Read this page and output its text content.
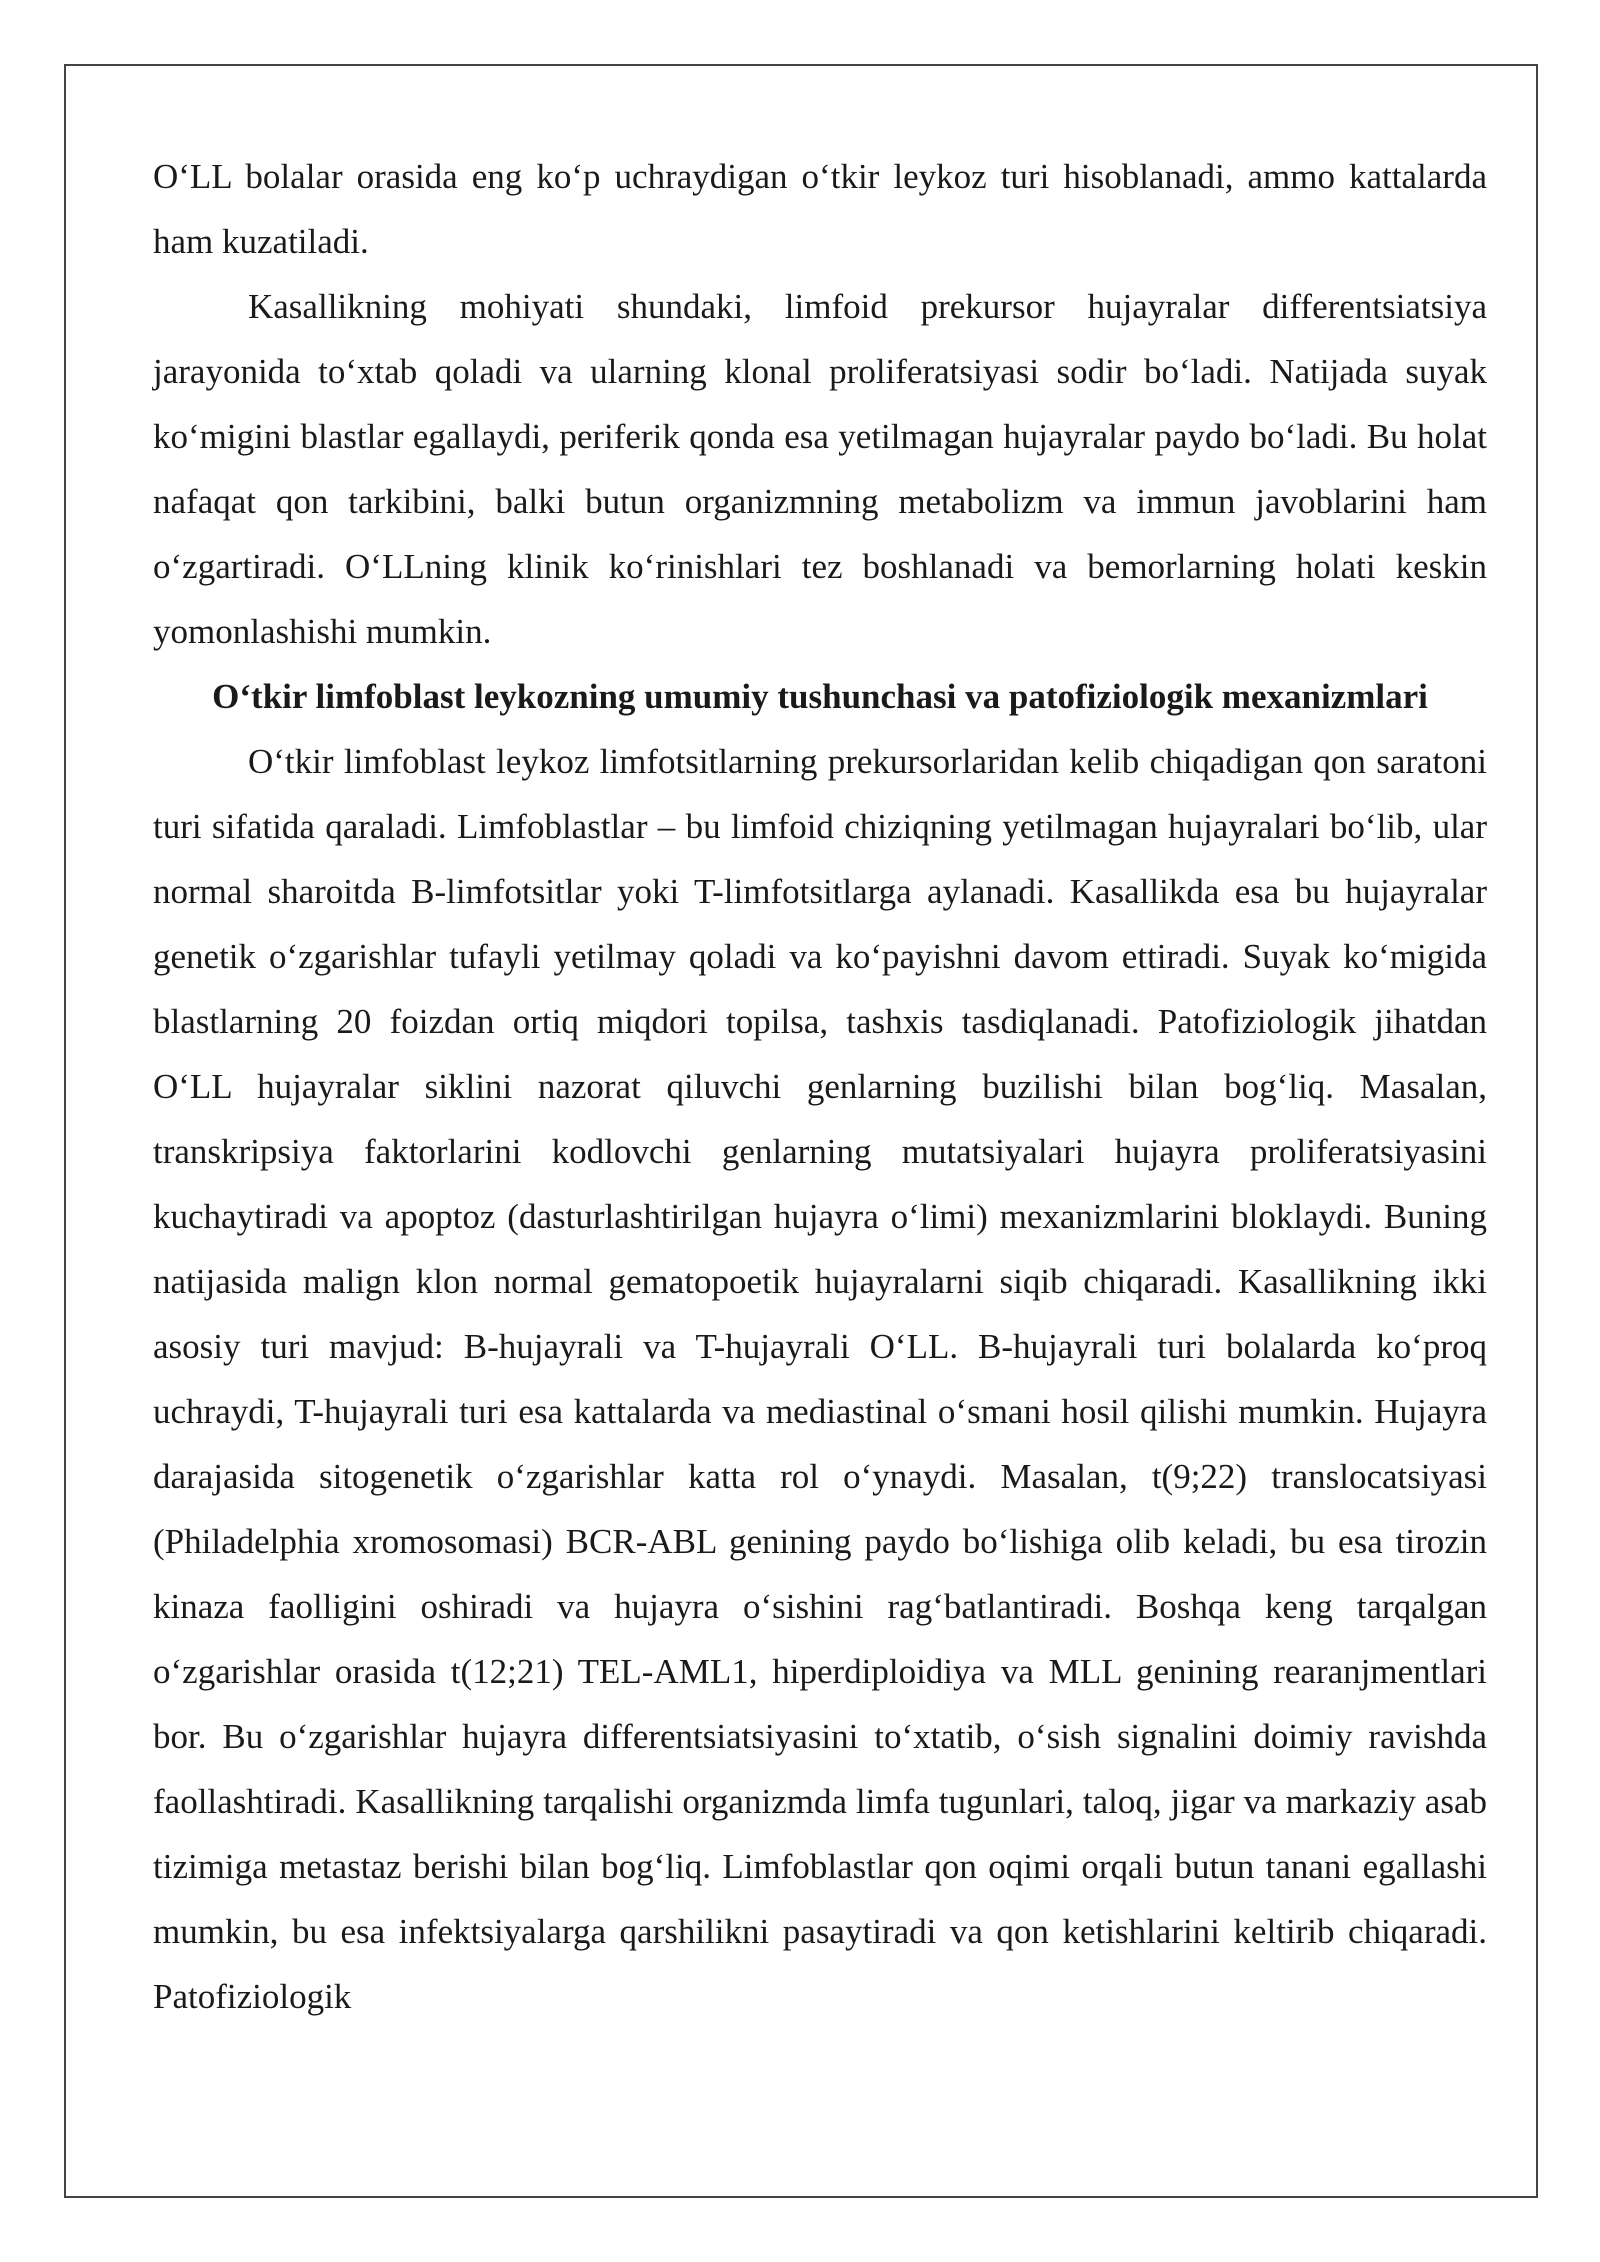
O‘LL bolalar orasida eng ko‘p uchraydigan o‘tkir leykoz turi hisoblanadi, ammo kattalarda ham kuzatiladi.

Kasallikning mohiyati shundaki, limfoid prekursor hujayralar differentsiatsiya jarayonida to‘xtab qoladi va ularning klonal proliferatsiyasi sodir bo‘ladi. Natijada suyak ko‘migini blastlar egallaydi, periferik qonda esa yetilmagan hujayralar paydo bo‘ladi. Bu holat nafaqat qon tarkibini, balki butun organizmning metabolizm va immun javoblarini ham o‘zgartiradi. O‘LLning klinik ko‘rinishlari tez boshlanadi va bemorlarning holati keskin yomonlashishi mumkin.

O‘tkir limfoblast leykozning umumiy tushunchasi va patofiziologik mexanizmlari

O‘tkir limfoblast leykoz limfotsitlarning prekursorlaridan kelib chiqadigan qon saratoni turi sifatida qaraladi. Limfoblastlar – bu limfoid chiziqning yetilmagan hujayralari bo‘lib, ular normal sharoitda B-limfotsitlar yoki T-limfotsitlarga aylanadi. Kasallikda esa bu hujayralar genetik o‘zgarishlar tufayli yetilmay qoladi va ko‘payishni davom ettiradi. Suyak ko‘migida blastlarning 20 foizdan ortiq miqdori topilsa, tashxis tasdiqlanadi. Patofiziologik jihatdan O‘LL hujayralar siklini nazorat qiluvchi genlarning buzilishi bilan bog‘liq. Masalan, transkripsiya faktorlarini kodlovchi genlarning mutatsiyalari hujayra proliferatsiyasini kuchaytiradi va apoptoz (dasturlashtirilgan hujayra o‘limi) mexanizmlarini bloklaydi. Buning natijasida malign klon normal gematopoetik hujayralarni siqib chiqaradi. Kasallikning ikki asosiy turi mavjud: B-hujayrali va T-hujayrali O‘LL. B-hujayrali turi bolalarda ko‘proq uchraydi, T-hujayrali turi esa kattalarda va mediastinal o‘smani hosil qilishi mumkin. Hujayra darajasida sitogenetik o‘zgarishlar katta rol o‘ynaydi. Masalan, t(9;22) translocatsiyasi (Philadelphia xromosomasi) BCR-ABL genining paydo bo‘lishiga olib keladi, bu esa tirozin kinaza faolligini oshiradi va hujayra o‘sishini rag‘batlantiradi. Boshqa keng tarqalgan o‘zgarishlar orasida t(12;21) TEL-AML1, hiperdiploidiya va MLL genining rearanjmentlari bor. Bu o‘zgarishlar hujayra differentsiatsiyasini to‘xtatib, o‘sish signalini doimiy ravishda faollashtiradi. Kasallikning tarqalishi organizmda limfa tugunlari, taloq, jigar va markaziy asab tizimiga metastaz berishi bilan bog‘liq. Limfoblastlar qon oqimi orqali butun tanani egallashi mumkin, bu esa infektsiyalarga qarshilikni pasaytiradi va qon ketishlarini keltirib chiqaradi. Patofiziologik
